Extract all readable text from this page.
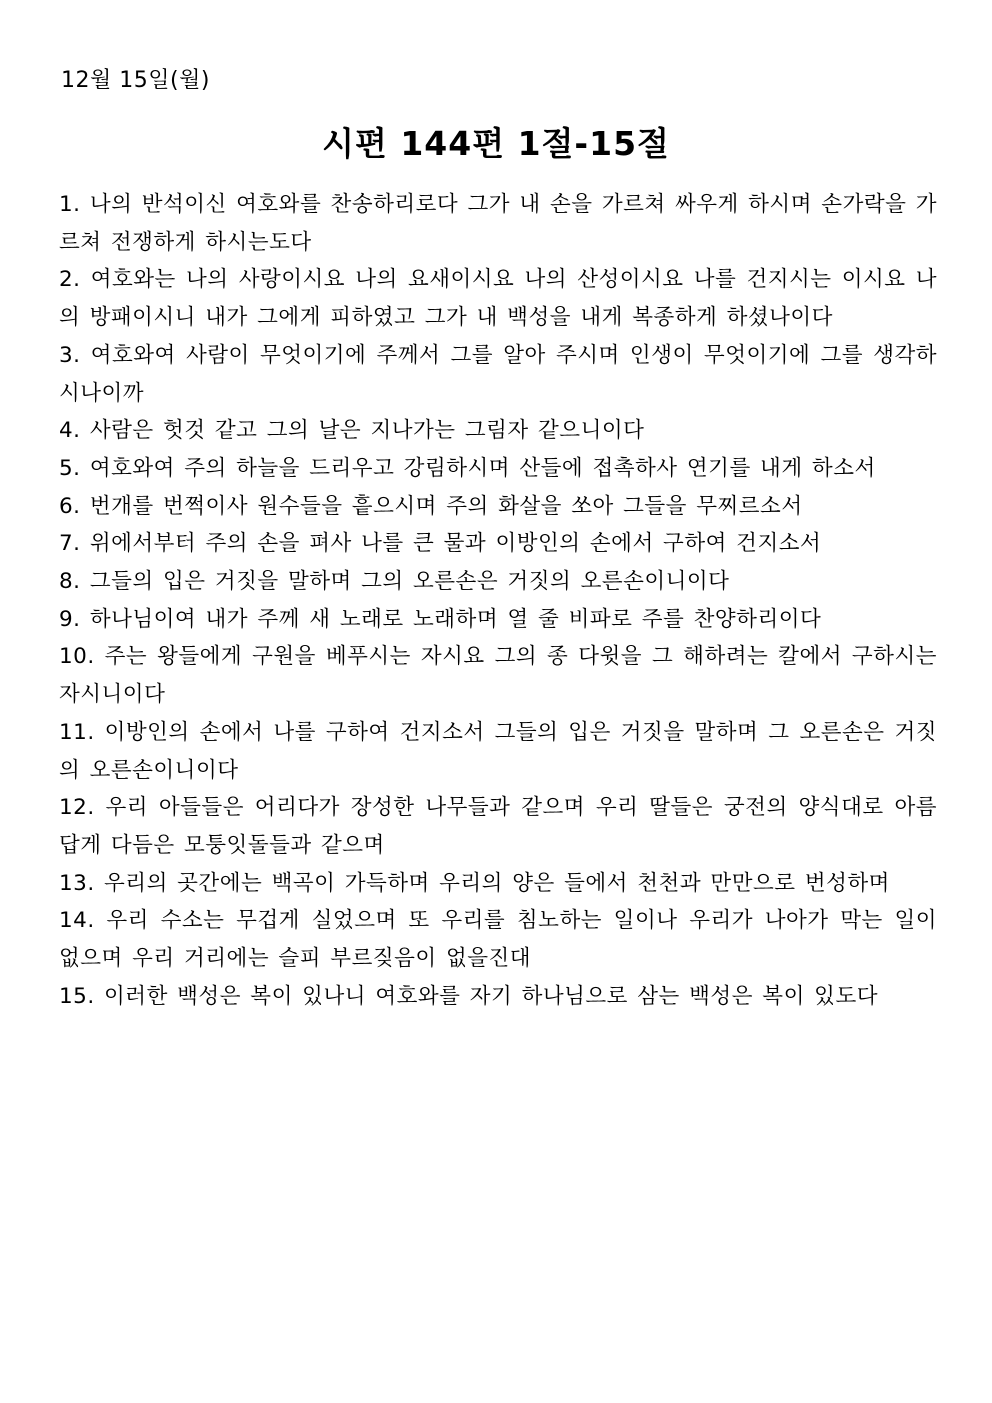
12월 15일(월)
시편 144편 1절-15절
1. 나의 반석이신 여호와를 찬송하리로다 그가 내 손을 가르쳐 싸우게 하시며 손가락을 가르쳐 전쟁하게 하시는도다
2. 여호와는 나의 사랑이시요 나의 요새이시요 나의 산성이시요 나를 건지시는 이시요 나의 방패이시니 내가 그에게 피하였고 그가 내 백성을 내게 복종하게 하셨나이다
3. 여호와여 사람이 무엇이기에 주께서 그를 알아 주시며 인생이 무엇이기에 그를 생각하시나이까
4. 사람은 헛것 같고 그의 날은 지나가는 그림자 같으니이다
5. 여호와여 주의 하늘을 드리우고 강림하시며 산들에 접촉하사 연기를 내게 하소서
6. 번개를 번쩍이사 원수들을 흩으시며 주의 화살을 쏘아 그들을 무찌르소서
7. 위에서부터 주의 손을 펴사 나를 큰 물과 이방인의 손에서 구하여 건지소서
8. 그들의 입은 거짓을 말하며 그의 오른손은 거짓의 오른손이니이다
9. 하나님이여 내가 주께 새 노래로 노래하며 열 줄 비파로 주를 찬양하리이다
10. 주는 왕들에게 구원을 베푸시는 자시요 그의 종 다윗을 그 해하려는 칼에서 구하시는 자시니이다
11. 이방인의 손에서 나를 구하여 건지소서 그들의 입은 거짓을 말하며 그 오른손은 거짓의 오른손이니이다
12. 우리 아들들은 어리다가 장성한 나무들과 같으며 우리 딸들은 궁전의 양식대로 아름답게 다듬은 모퉁잇돌들과 같으며
13. 우리의 곳간에는 백곡이 가득하며 우리의 양은 들에서 천천과 만만으로 번성하며
14. 우리 수소는 무겁게 실었으며 또 우리를 침노하는 일이나 우리가 나아가 막는 일이 없으며 우리 거리에는 슬피 부르짖음이 없을진대
15. 이러한 백성은 복이 있나니 여호와를 자기 하나님으로 삼는 백성은 복이 있도다
